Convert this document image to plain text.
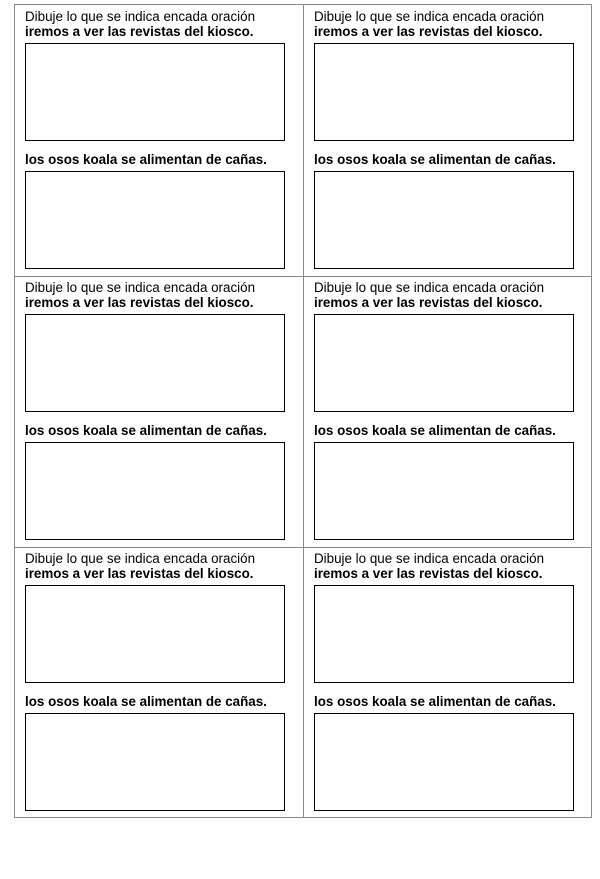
Dibuje lo que se indica encada oración
iremos a ver las revistas del kiosco.
los osos koala se alimentan de cañas.
Dibuje lo que se indica encada oración
iremos a ver las revistas del kiosco.
los osos koala se alimentan de cañas.
Dibuje lo que se indica encada oración
iremos a ver las revistas del kiosco.
los osos koala se alimentan de cañas.
Dibuje lo que se indica encada oración
iremos a ver las revistas del kiosco.
los osos koala se alimentan de cañas.
Dibuje lo que se indica encada oración
iremos a ver las revistas del kiosco.
los osos koala se alimentan de cañas.
Dibuje lo que se indica encada oración
iremos a ver las revistas del kiosco.
los osos koala se alimentan de cañas.
